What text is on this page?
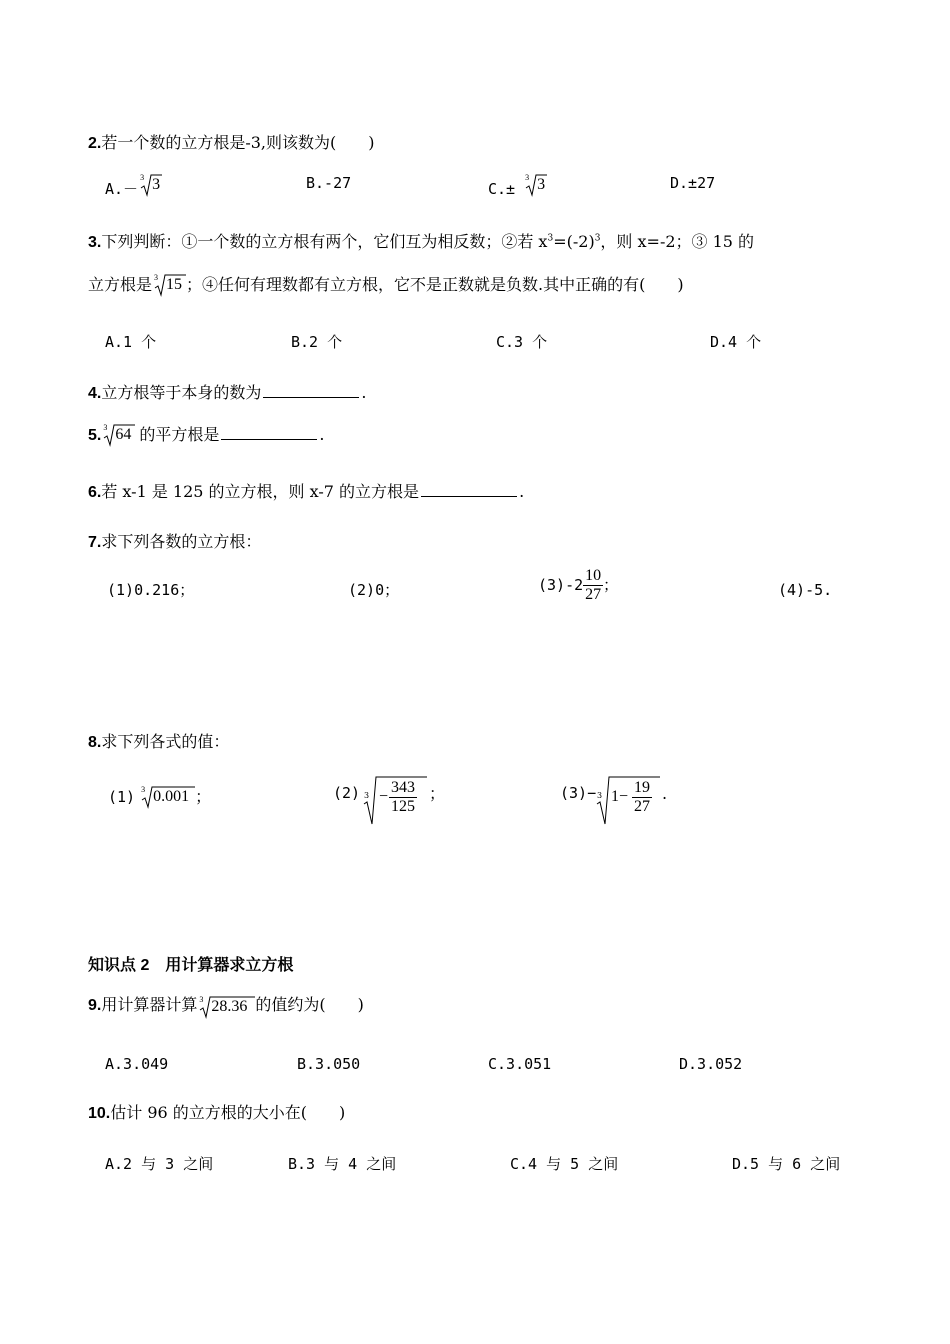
2.若一个数的立方根是-3,则该数为(　　)
A.－
3 3	B.-27	C.±
3 3	D.±27
3.下列判断：①一个数的立方根有两个，它们互为相反数；②若 $x^3=(-2)^3$，则 x=-2；③ 15 的
立方根是 3 15 ；④任何有理数都有立方根，它不是正数就是负数.其中正确的有(　　)
A.1 个	B.2 个	C.3 个	D.4 个
4.立方根等于本身的数为	.
5. 3 64 的平方根是	.
6.若 x-1 是 125 的立方根，则 x-7 的立方根是	.
7.求下列各数的立方根：
(1)0.216；	(2)0；	$(3)-2 \frac{10}{27}$ ；	(4)-5.
8.求下列各式的值：
(1) 3 0.001 ；	(2) $3 - \frac{343}{125}$ ；	(3)− 3 $1- \frac{19}{27}$ .
知识点 2　用计算器求立方根
9.用计算器计算 3 28.36 的值约为(　　)
A.3.049	B.3.050	C.3.051	D.3.052
10.估计 96 的立方根的大小在(　　)
A.2 与 3 之间	B.3 与 4 之间	C.4 与 5 之间	D.5 与 6 之间
